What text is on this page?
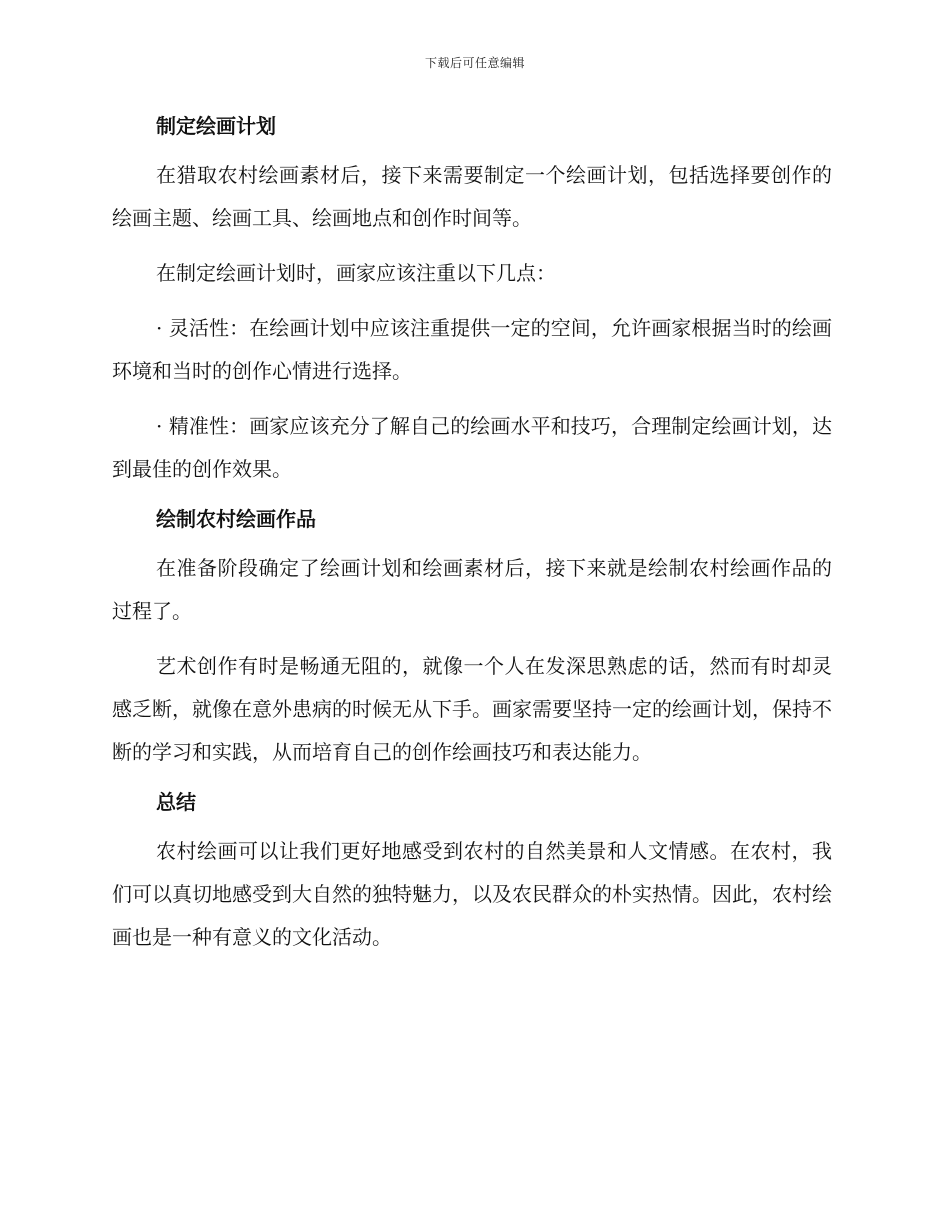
下载后可任意编辑
制定绘画计划

在猎取农村绘画素材后，接下来需要制定一个绘画计划，包括选择要创作的绘画主题、绘画工具、绘画地点和创作时间等。

在制定绘画计划时，画家应该注重以下几点：

· 灵活性：在绘画计划中应该注重提供一定的空间，允许画家根据当时的绘画环境和当时的创作心情进行选择。

· 精准性：画家应该充分了解自己的绘画水平和技巧，合理制定绘画计划，达到最佳的创作效果。

绘制农村绘画作品

在准备阶段确定了绘画计划和绘画素材后，接下来就是绘制农村绘画作品的过程了。

艺术创作有时是畅通无阻的，就像一个人在发深思熟虑的话，然而有时却灵感乏断，就像在意外患病的时候无从下手。画家需要坚持一定的绘画计划，保持不断的学习和实践，从而培育自己的创作绘画技巧和表达能力。

总结

农村绘画可以让我们更好地感受到农村的自然美景和人文情感。在农村，我们可以真切地感受到大自然的独特魅力，以及农民群众的朴实热情。因此，农村绘画也是一种有意义的文化活动。
